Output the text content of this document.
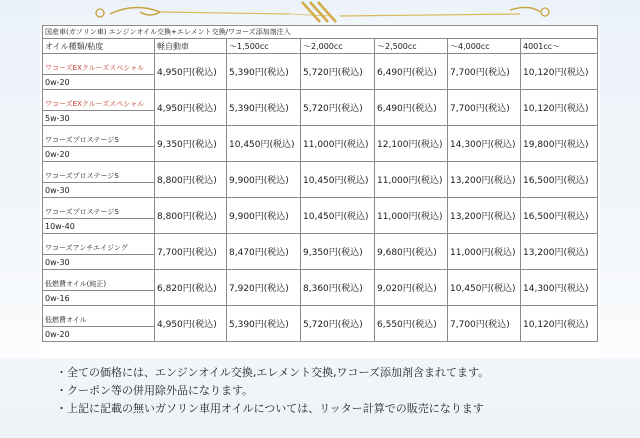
国産車(ガソリン車) エンジンオイル交換+エレメント交換/ワコーズ添加剤注入						
オイル種類/粘度	軽自動車	～1,500cc	～2,000cc	～2,500cc	～4,000cc	4001cc～
ワコーズEXクルーズスペシャル	4,950円(税込)	5,390円(税込)	5,720円(税込)	6,490円(税込)	7,700円(税込)	10,120円(税込)
0w-20						
ワコーズEXクルーズスペシャル	4,950円(税込)	5,390円(税込)	5,720円(税込)	6,490円(税込)	7,700円(税込)	10,120円(税込)
5w-30						
ワコーズプロステージS	9,350円(税込)	10,450円(税込)	11,000円(税込)	12,100円(税込)	14,300円(税込)	19,800円(税込)
0w-20						
ワコーズプロステージS	8,800円(税込)	9,900円(税込)	10,450円(税込)	11,000円(税込)	13,200円(税込)	16,500円(税込)
0w-30						
ワコーズプロステージS	8,800円(税込)	9,900円(税込)	10,450円(税込)	11,000円(税込)	13,200円(税込)	16,500円(税込)
10w-40						
ワコーズアンチエイジング	7,700円(税込)	8,470円(税込)	9,350円(税込)	9,680円(税込)	11,000円(税込)	13,200円(税込)
0w-30						
低燃費オイル(純正)	6,820円(税込)	7,920円(税込)	8,360円(税込)	9,020円(税込)	10,450円(税込)	14,300円(税込)
0w-16						
低燃費オイル	4,950円(税込)	5,390円(税込)	5,720円(税込)	6,550円(税込)	7,700円(税込)	10,120円(税込)
0w-20						
・全ての価格には、エンジンオイル交換,エレメント交換,ワコーズ添加剤含まれてます。
・クーポン等の併用除外品になります。
・上記に記載の無いガソリン車用オイルについては、リッター計算での販売になります
